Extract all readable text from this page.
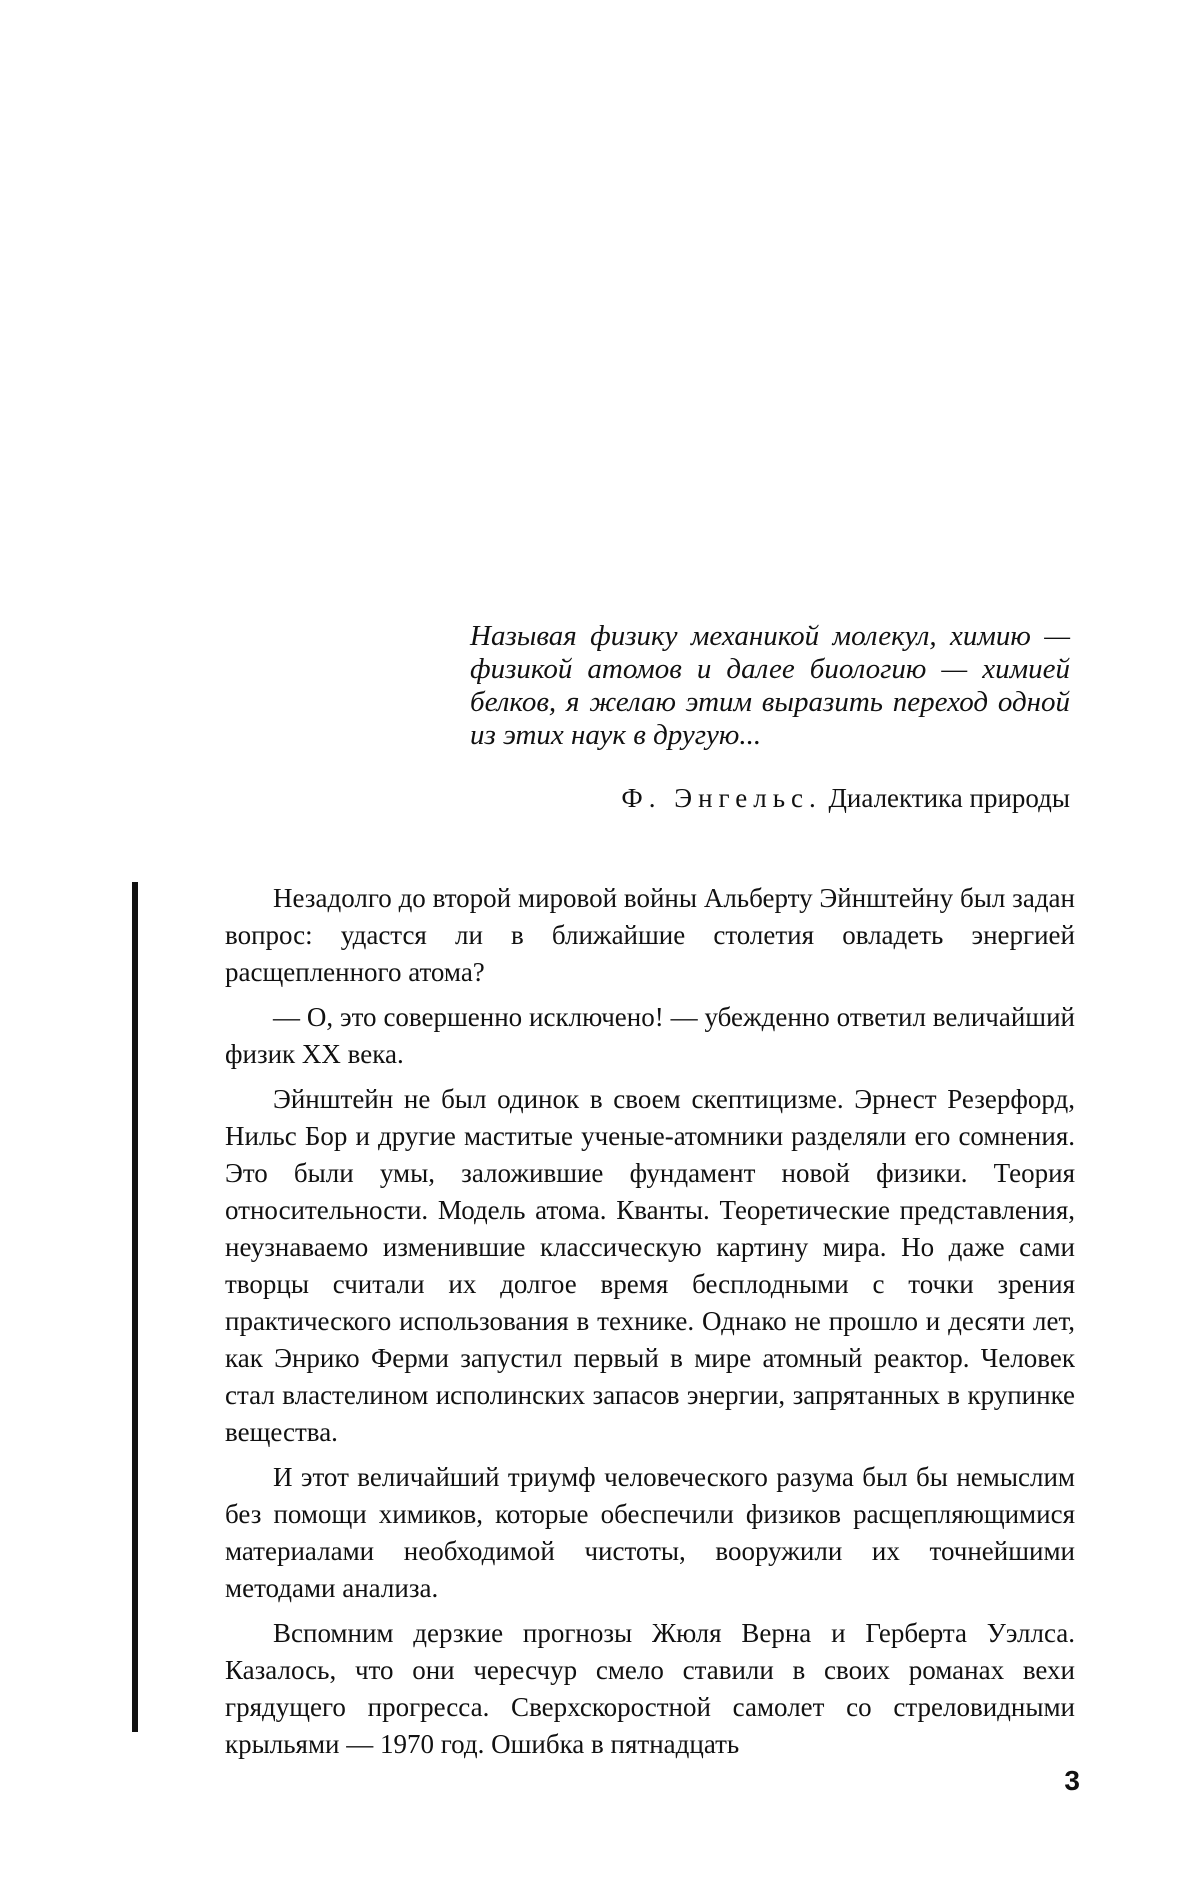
Называя физику механикой молекул, химию — физикой атомов и далее биологию — химией белков, я желаю этим выразить переход одной из этих наук в другую...

Ф. Энгельс. Диалектика природы

Незадолго до второй мировой войны Альберту Эйнштейну был задан вопрос: удастся ли в ближайшие столетия овладеть энергией расщепленного атома?

— О, это совершенно исключено! — убежденно ответил величайший физик XX века.

Эйнштейн не был одинок в своем скептицизме. Эрнест Резерфорд, Нильс Бор и другие маститые ученые-атомники разделяли его сомнения. Это были умы, заложившие фундамент новой физики. Теория относительности. Модель атома. Кванты. Теоретические представления, неузнаваемо изменившие классическую картину мира. Но даже сами творцы считали их долгое время бесплодными с точки зрения практического использования в технике. Однако не прошло и десяти лет, как Энрико Ферми запустил первый в мире атомный реактор. Человек стал властелином исполинских запасов энергии, запрятанных в крупинке вещества.

И этот величайший триумф человеческого разума был бы немыслим без помощи химиков, которые обеспечили физиков расщепляющимися материалами необходимой чистоты, вооружили их точнейшими методами анализа.

Вспомним дерзкие прогнозы Жюля Верна и Герберта Уэллса. Казалось, что они чересчур смело ставили в своих романах вехи грядущего прогресса. Сверхскоростной самолет со стреловидными крыльями — 1970 год. Ошибка в пятнадцать

3
